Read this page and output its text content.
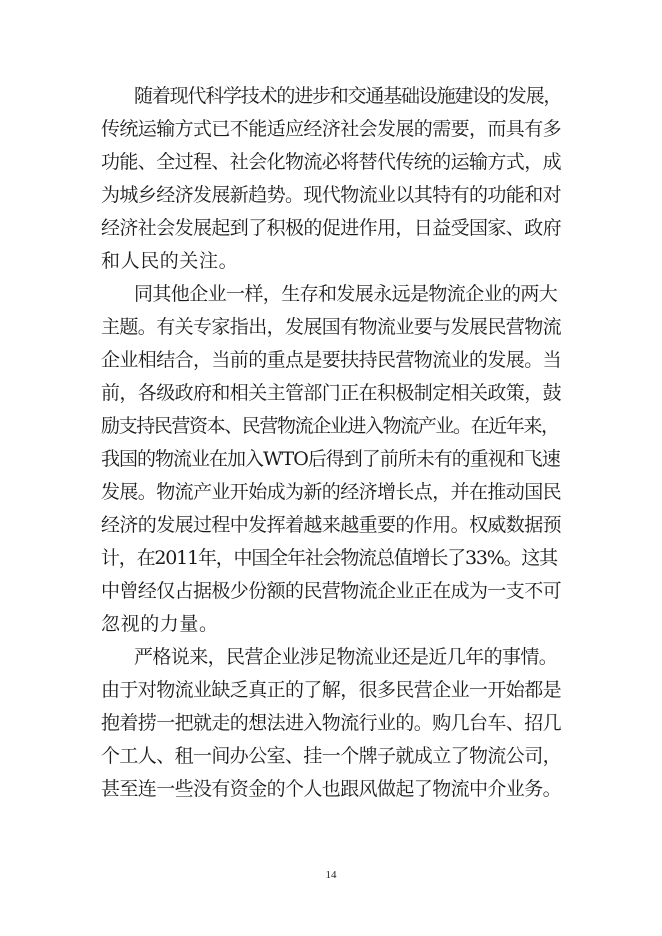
随着现代科学技术的进步和交通基础设施建设的发展，
传统运输方式已不能适应经济社会发展的需要，而具有多
功能、全过程、社会化物流必将替代传统的运输方式，成
为城乡经济发展新趋势。现代物流业以其特有的功能和对
经济社会发展起到了积极的促进作用，日益受国家、政府
和人民的关注。
同其他企业一样，生存和发展永远是物流企业的两大
主题。有关专家指出，发展国有物流业要与发展民营物流
企业相结合，当前的重点是要扶持民营物流业的发展。当
前，各级政府和相关主管部门正在积极制定相关政策，鼓
励支持民营资本、民营物流企业进入物流产业。在近年来，
我国的物流业在加入WTO后得到了前所未有的重视和飞速
发展。物流产业开始成为新的经济增长点，并在推动国民
经济的发展过程中发挥着越来越重要的作用。权威数据预
计，在2011年，中国全年社会物流总值增长了33%。这其
中曾经仅占据极少份额的民营物流企业正在成为一支不可
忽视的力量。
严格说来，民营企业涉足物流业还是近几年的事情。
由于对物流业缺乏真正的了解，很多民营企业一开始都是
抱着捞一把就走的想法进入物流行业的。购几台车、招几
个工人、租一间办公室、挂一个牌子就成立了物流公司，
甚至连一些没有资金的个人也跟风做起了物流中介业务。
14
